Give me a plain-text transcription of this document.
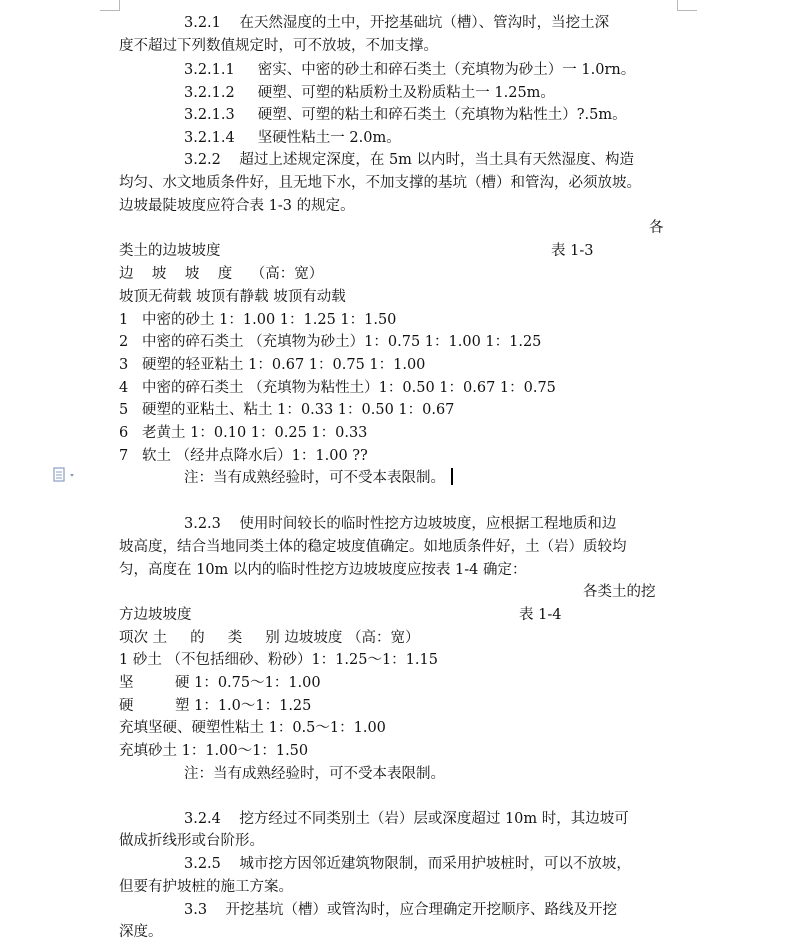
3.2.1    在天然湿度的土中，开挖基础坑（槽）、管沟时，当挖土深
度不超过下列数值规定时，可不放坡，不加支撑。
3.2.1.1     密实、中密的砂土和碎石类土（充填物为砂土）一 1.0rn。
3.2.1.2     硬塑、可塑的粘质粉土及粉质粘土一 1.25m。
3.2.1.3     硬塑、可塑的粘土和碎石类土（充填物为粘性土）?.5m。
3.2.1.4     坚硬性粘土一 2.0m。
3.2.2    超过上述规定深度，在 5m 以内时，当土具有天然湿度、构造
均匀、水文地质条件好，且无地下水，不加支撑的基坑（槽）和管沟，必须放坡。
边坡最陡坡度应符合表 1-3 的规定。
各
类土的边坡坡度	表 1-3
边    坡    坡    度    （高：宽）
坡顶无荷载 坡顶有静载 坡顶有动载
1   中密的砂土 1：1.00 1：1.25 1：1.50
2   中密的碎石类土 （充填物为砂土）1：0.75 1：1.00 1：1.25
3   硬塑的轻亚粘土 1：0.67 1：0.75 1：1.00
4   中密的碎石类土 （充填物为粘性土）1：0.50 1：0.67 1：0.75
5   硬塑的亚粘土、粘土 1：0.33 1：0.50 1：0.67
6   老黄土 1：0.10 1：0.25 1：0.33
7   软土 （经井点降水后）1：1.00 ??
注：当有成熟经验时，可不受本表限制。
3.2.3    使用时间较长的临时性挖方边坡坡度，应根据工程地质和边
坡高度，结合当地同类土体的稳定坡度值确定。如地质条件好，土（岩）质较均
匀，高度在 10m 以内的临时性挖方边坡坡度应按表 1-4 确定：
各类土的挖
方边坡坡度	表 1-4
项次 土     的     类     别 边坡坡度 （高：宽）
1 砂土 （不包括细砂、粉砂）1：1.25～1：1.15
坚         硬 1：0.75～1：1.00
硬         塑 1：1.0～1：1.25
充填坚硬、硬塑性粘土 1：0.5～1：1.00
充填砂土 1：1.00～1：1.50
注：当有成熟经验时，可不受本表限制。
3.2.4    挖方经过不同类别土（岩）层或深度超过 10m 时，其边坡可
做成折线形或台阶形。
3.2.5    城市挖方因邻近建筑物限制，而采用护坡桩时，可以不放坡，
但要有护坡桩的施工方案。
3.3    开挖基坑（槽）或管沟时，应合理确定开挖顺序、路线及开挖
深度。
